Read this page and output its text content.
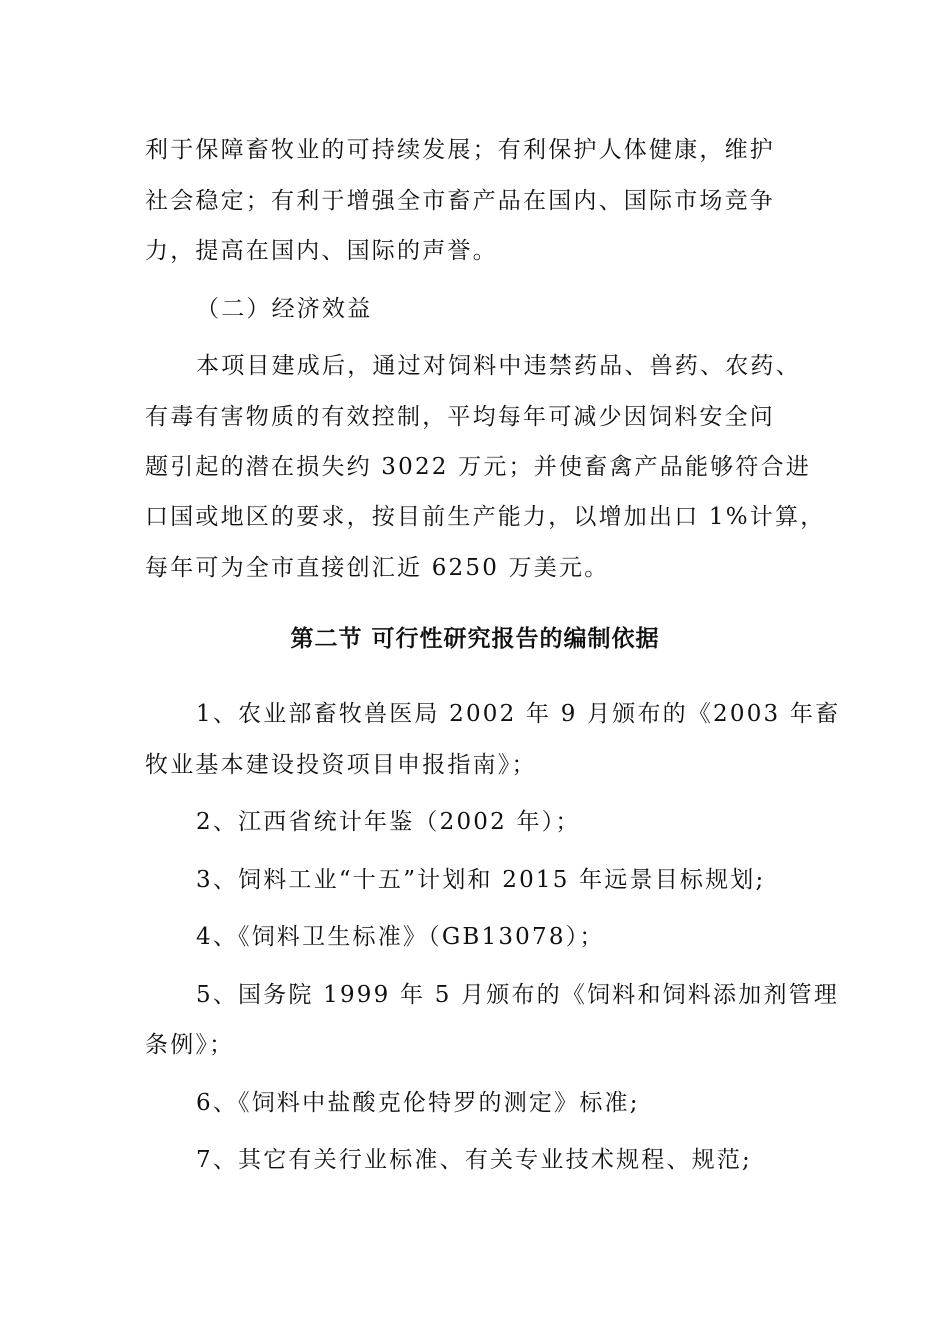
利于保障畜牧业的可持续发展；有利保护人体健康，维护
社会稳定；有利于增强全市畜产品在国内、国际市场竞争
力，提高在国内、国际的声誉。
（二）经济效益
本项目建成后，通过对饲料中违禁药品、兽药、农药、
有毒有害物质的有效控制，平均每年可减少因饲料安全问
题引起的潜在损失约 3022 万元；并使畜禽产品能够符合进
口国或地区的要求，按目前生产能力，以增加出口 1%计算，
每年可为全市直接创汇近 6250 万美元。
第二节 可行性研究报告的编制依据
1、农业部畜牧兽医局 2002 年 9 月颁布的《2003 年畜
牧业基本建设投资项目申报指南》；
2、江西省统计年鉴（2002 年）；
3、饲料工业“十五”计划和 2015 年远景目标规划;
4、《饲料卫生标准》（GB13078）；
5、国务院 1999 年 5 月颁布的《饲料和饲料添加剂管理
条例》；
6、《饲料中盐酸克伦特罗的测定》标准;
7、其它有关行业标准、有关专业技术规程、规范;
